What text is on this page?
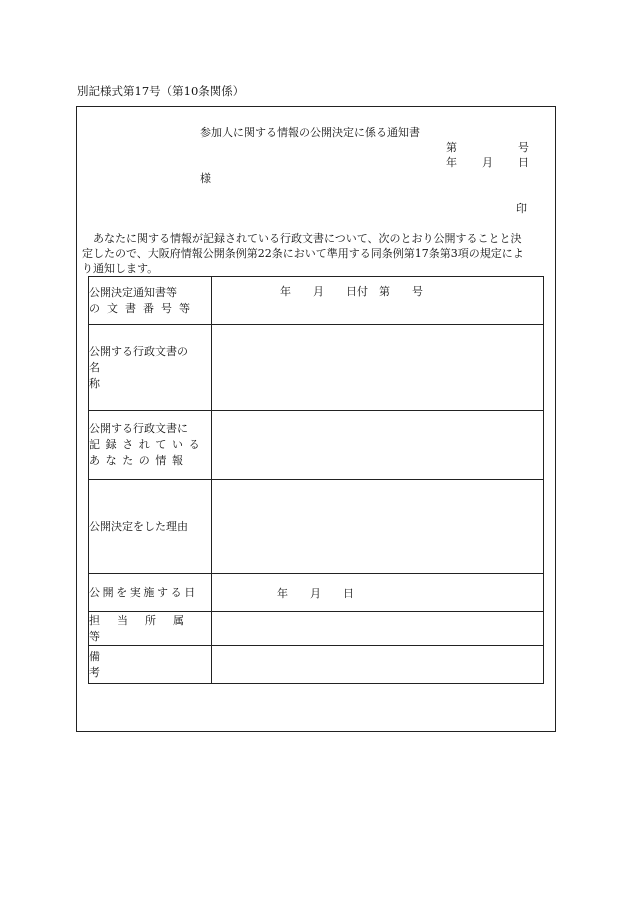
別記様式第17号（第10条関係）
参加人に関する情報の公開決定に係る通知書
第	号
年 月 日
様
印
　あなたに関する情報が記録されている行政文書について、次のとおり公開することと決
定したので、大阪府情報公開条例第22条において準用する同条例第17条第3項の規定によ
り通知します。
公開決定通知書等
の文書番号等	年　　月　　日付　第　　号

公開する行政文書の
名称	

公開する行政文書に
記録されている
あなたの情報	

公開決定をした理由	

公開を実施する日	年　　月　　日

担当所属等	

備考	
